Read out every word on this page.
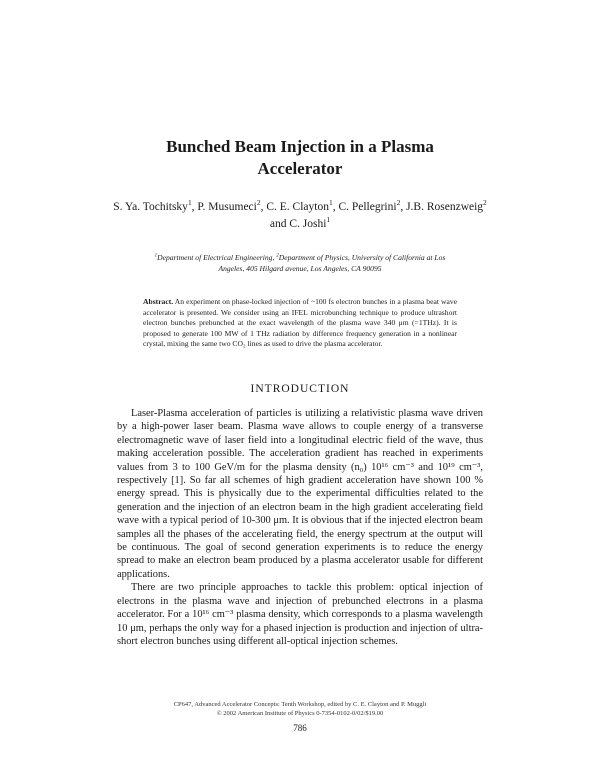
Bunched Beam Injection in a Plasma
Accelerator
S. Ya. Tochitsky$^1$, P. Musumeci$^2$, C. E. Clayton$^1$, C. Pellegrini$^2$, J.B. Rosenzweig$^2$ and C. Joshi$^1$
$^1$Department of Electrical Engineering, $^2$Department of Physics, University of California at Los
Angeles, 405 Hilgard avenue, Los Angeles, CA 90095
Abstract. An experiment on phase-locked injection of ~100 fs electron bunches in a plasma beat wave accelerator is presented. We consider using an IFEL microbunching technique to produce ultrashort electron bunches prebunched at the exact wavelength of the plasma wave 340 μm (=1THz). It is proposed to generate 100 MW of 1 THz radiation by difference frequency generation in a nonlinear crystal, mixing the same two CO₂ lines as used to drive the plasma accelerator.
INTRODUCTION

Laser-Plasma acceleration of particles is utilizing a relativistic plasma wave driven by a high-power laser beam. Plasma wave allows to couple energy of a transverse electromagnetic wave of laser field into a longitudinal electric field of the wave, thus making acceleration possible. The acceleration gradient has reached in experiments values from 3 to 100 GeV/m for the plasma density (n₀) 10¹⁶ cm⁻³ and 10¹⁹ cm⁻³, respectively [1]. So far all schemes of high gradient acceleration have shown 100 % energy spread. This is physically due to the experimental difficulties related to the generation and the injection of an electron beam in the high gradient accelerating field wave with a typical period of 10-300 μm. It is obvious that if the injected electron beam samples all the phases of the accelerating field, the energy spectrum at the output will be continuous. The goal of second generation experiments is to reduce the energy spread to make an electron beam produced by a plasma accelerator usable for different applications.

There are two principle approaches to tackle this problem: optical injection of electrons in the plasma wave and injection of prebunched electrons in a plasma accelerator. For a 10¹⁶ cm⁻³ plasma density, which corresponds to a plasma wavelength 10 μm, perhaps the only way for a phased injection is production and injection of ultra-short electron bunches using different all-optical injection schemes.

CP647, Advanced Accelerator Concepts: Tenth Workshop, edited by C. E. Clayton and P. Muggli
© 2002 American Institute of Physics 0-7354-0102-0/02/$19.00
786
